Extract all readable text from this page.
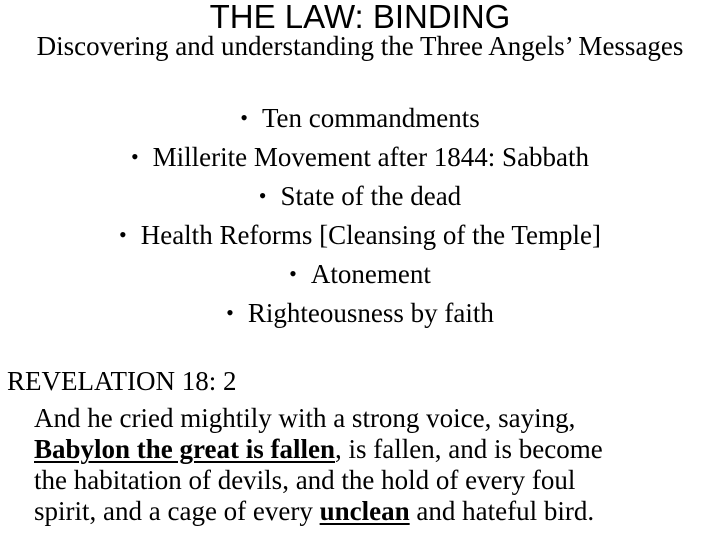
THE LAW: BINDING
Discovering and understanding the Three Angels’ Messages
• Ten commandments
• Millerite Movement after 1844: Sabbath
• State of the dead
• Health Reforms [Cleansing of the Temple]
• Atonement
• Righteousness by faith
REVELATION 18: 2
And he cried mightily with a strong voice, saying,
Babylon the great is fallen, is fallen, and is become
the habitation of devils, and the hold of every foul
spirit, and a cage of every unclean and hateful bird.
